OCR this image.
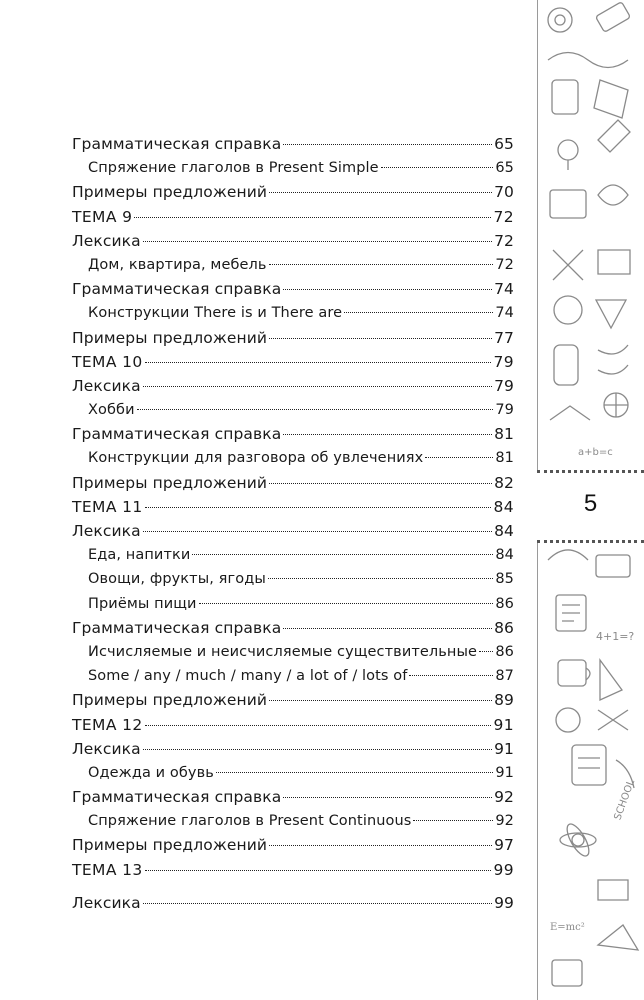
Грамматическая справка	65
Спряжение глаголов в Present Simple	65
Примеры предложений	70
ТЕМА 9	72
Лексика	72
Дом, квартира, мебель	72
Грамматическая справка	74
Конструкции There is и There are	74
Примеры предложений	77
ТЕМА 10	79
Лексика	79
Хобби	79
Грамматическая справка	81
Конструкции для разговора об увлечениях	81
Примеры предложений	82
ТЕМА 11	84
Лексика	84
Еда, напитки	84
Овощи, фрукты, ягоды	85
Приёмы пищи	86
Грамматическая справка	86
Исчисляемые и неисчисляемые существительные 86
Some / any / much / many / a lot of / lots of	87
Примеры предложений	89
ТЕМА 12	91
Лексика	91
Одежда и обувь	91
Грамматическая справка	92
Спряжение глаголов в Present Continuous	92
Примеры предложений	97
ТЕМА 13	99
Лексика	99
a+b=c
4+1=?
SCHOOL
E=mc²
5
